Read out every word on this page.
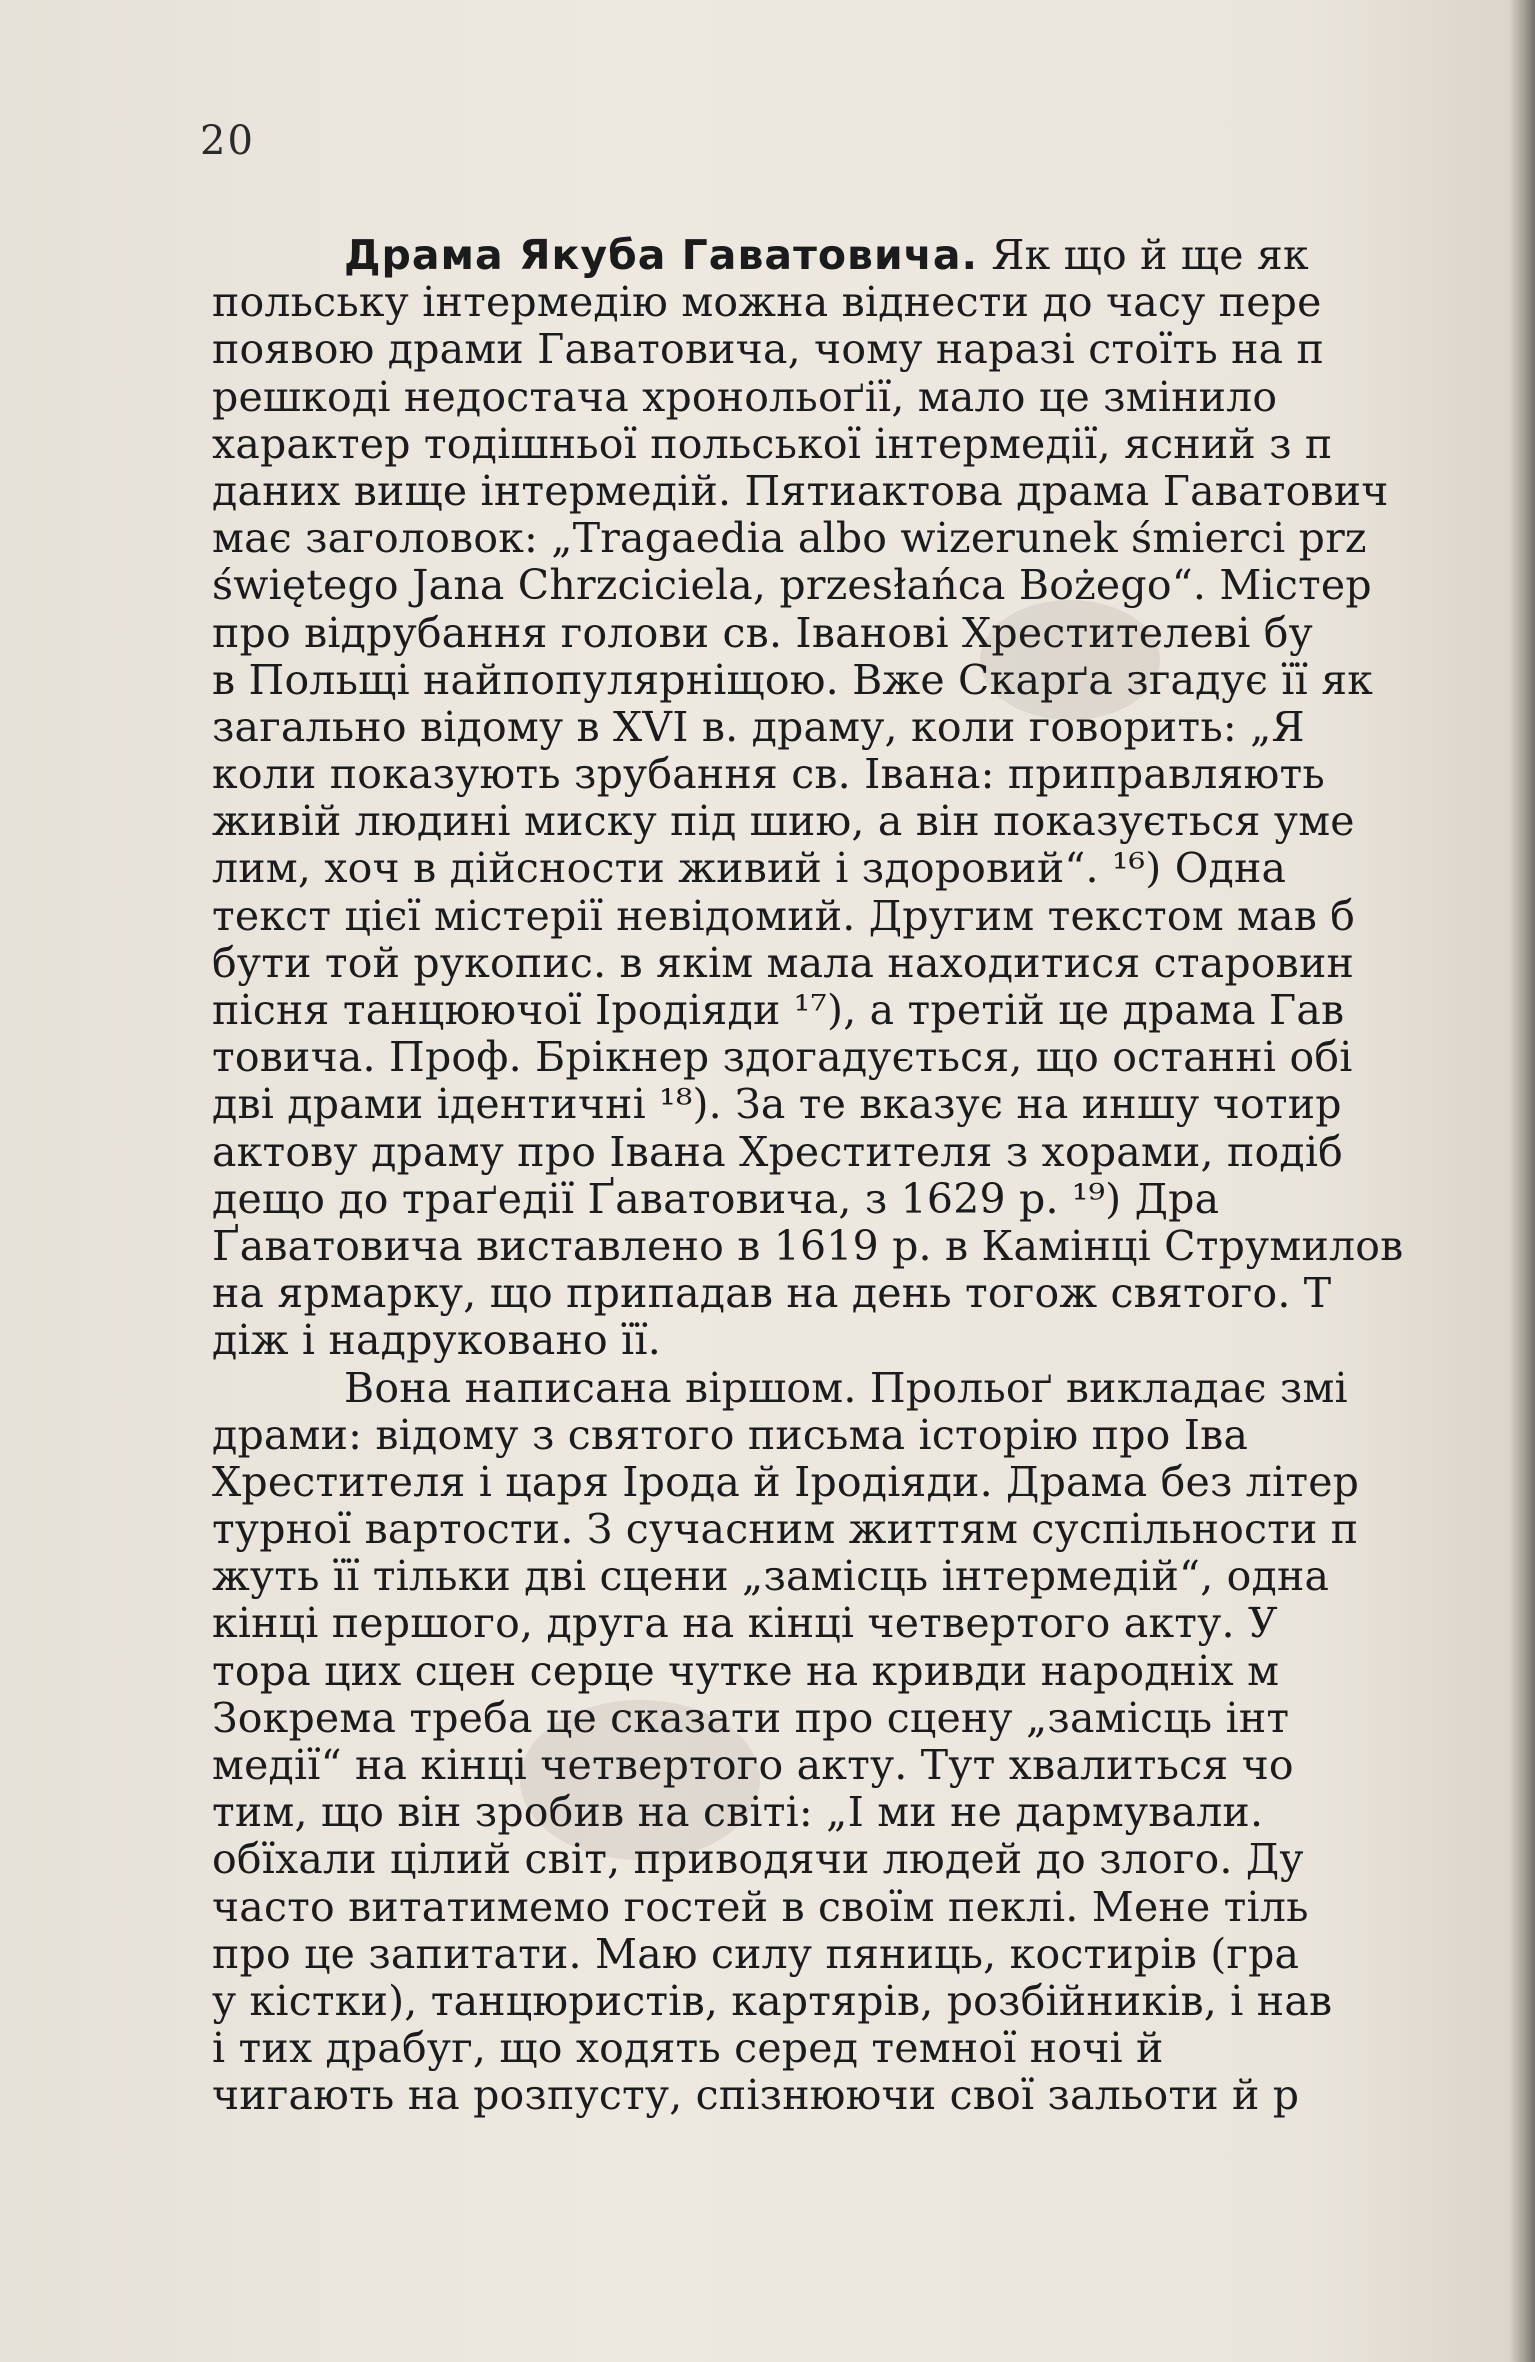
20
Драма Якуба Гаватовича. Як що й ще як
польську інтермедію можна віднести до часу пере
появою драми Гаватовича, чому наразі стоїть на п
решкоді недостача хронольоґії, мало це змінило
характер тодішньої польської інтермедії, ясний з п
даних вище інтермедій. Пятиактова драма Гаватович
має заголовок: „Tragaedia albo wizerunek śmierci prz
świętego Jana Chrzciciela, przesłańca Bożego“. Містер
про відрубання голови св. Іванові Хрестителеві бу
в Польщі найпопулярніщою. Вже Скарґа згадує її як
загально відому в XVI в. драму, коли говорить: „Я
коли показують зрубання св. Івана: приправляють
живій людині миску під шию, а він показується уме
лим, хоч в дійсности живий і здоровий“. ¹⁶) Одна
текст цієї містерії невідомий. Другим текстом мав б
бути той рукопис. в якім мала находитися старовин
пісня танцюючої Іродіяди ¹⁷), а третій це драма Гав
товича. Проф. Брікнер здогадується, що останні обі
дві драми ідентичні ¹⁸). За те вказує на иншу чотир
актову драму про Івана Хрестителя з хорами, подіб
дещо до траґедії Ґаватовича, з 1629 р. ¹⁹) Дра
Ґаватовича виставлено в 1619 р. в Камінці Струмилов
на ярмарку, що припадав на день тогож святого. Т
діж і надруковано її.
Вона написана віршом. Прольоґ викладає змі
драми: відому з святого письма історію про Іва
Хрестителя і царя Ірода й Іродіяди. Драма без літер
турної вартости. З сучасним життям суспільности п
жуть її тільки дві сцени „замісць інтермедій“, одна
кінці першого, друга на кінці четвертого акту. У
тора цих сцен серце чутке на кривди народніх м
Зокрема треба це сказати про сцену „замісць інт
медії“ на кінці четвертого акту. Тут хвалиться чо
тим, що він зробив на світі: „І ми не дармували.
обїхали цілий світ, приводячи людей до злого. Ду
часто витатимемо гостей в своїм пеклі. Мене тіль
про це запитати. Маю силу пяниць, костирів (гра
у кістки), танцюристів, картярів, розбійників, і нав
і тих драбуг, що ходять серед темної ночі й
чигають на розпусту, спізнюючи свої зальоти й р
